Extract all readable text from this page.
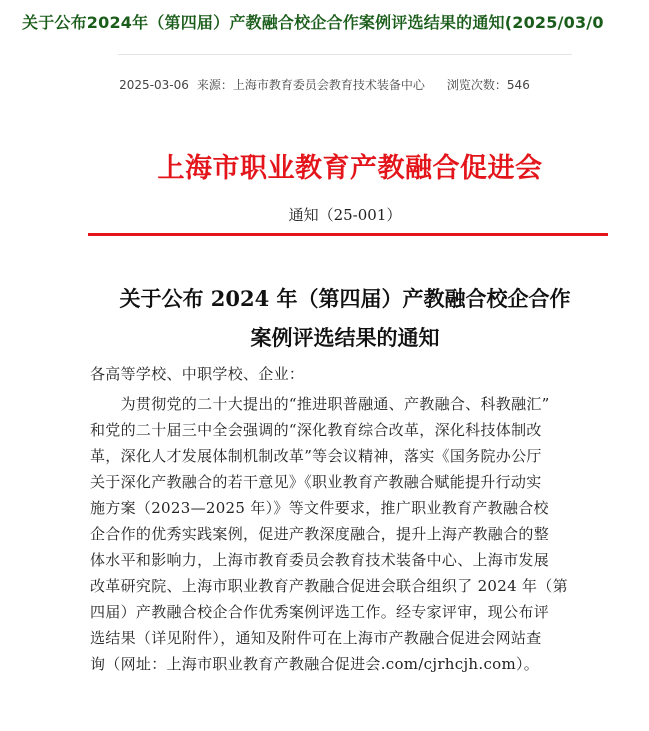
关于公布2024年（第四届）产教融合校企合作案例评选结果的通知(2025/03/0
2025-03-06 来源：上海市教育委员会教育技术装备中心 浏览次数：546
上海市职业教育产教融合促进会
通知（25-001）
关于公布 2024 年（第四届）产教融合校企合作
案例评选结果的通知
各高等学校、中职学校、企业：
　　为贯彻党的二十大提出的“推进职普融通、产教融合、科教融汇”
和党的二十届三中全会强调的“深化教育综合改革，深化科技体制改
革，深化人才发展体制机制改革”等会议精神，落实《国务院办公厅
关于深化产教融合的若干意见》《职业教育产教融合赋能提升行动实
施方案（2023—2025 年）》等文件要求，推广职业教育产教融合校
企合作的优秀实践案例，促进产教深度融合，提升上海产教融合的整
体水平和影响力，上海市教育委员会教育技术装备中心、上海市发展
改革研究院、上海市职业教育产教融合促进会联合组织了 2024 年（第
四届）产教融合校企合作优秀案例评选工作。经专家评审，现公布评
选结果（详见附件），通知及附件可在上海市产教融合促进会网站查
询（网址：上海市职业教育产教融合促进会.com/cjrhcjh.com）。
